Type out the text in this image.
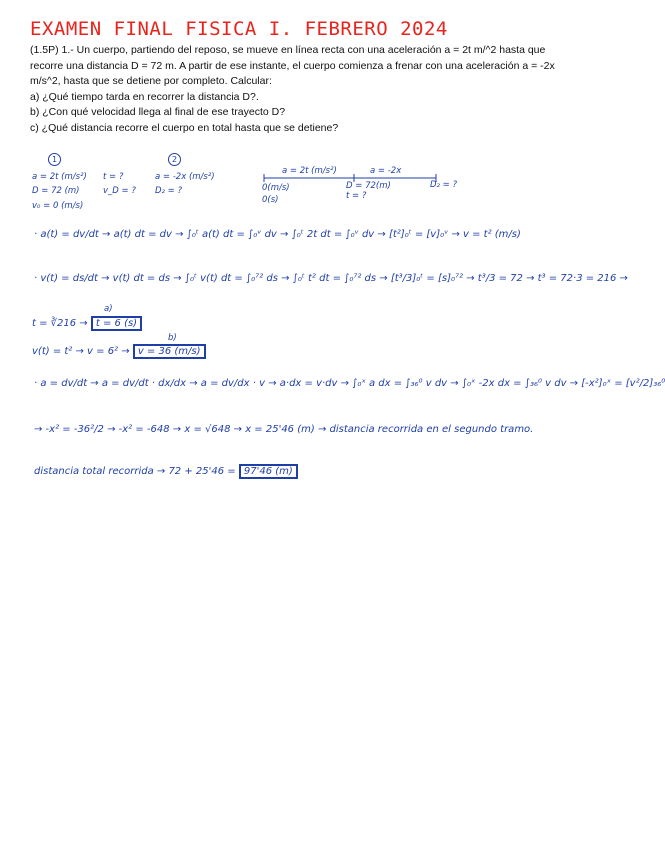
EXAMEN FINAL FISICA I. FEBRERO 2024

(1.5P) 1.- Un cuerpo, partiendo del reposo, se mueve en línea recta con una aceleración a = 2t m/^2 hasta que

recorre una distancia D = 72 m. A partir de ese instante, el cuerpo comienza a frenar con una aceleración a = -2x

m/s^2, hasta que se detiene por completo. Calcular:

a) ¿Qué tiempo tarda en recorrer la distancia D?.

b) ¿Con qué velocidad llega al final de ese trayecto D?

c) ¿Qué distancia recorre el cuerpo en total hasta que se detiene?

1	2
a = 2t (m/s²)
D = 72 (m)
v₀ = 0 (m/s)
t = ?
v_D = ?
a = -2x (m/s²)
D₂ = ?
a = 2t (m/s²)	a = -2x
0(m/s)
0(s)
D = 72(m)
t = ?
D₂ = ?
· a(t) = dv/dt → a(t) dt = dv → ∫₀ᵗ a(t) dt = ∫₀ᵛ dv → ∫₀ᵗ 2t dt = ∫₀ᵛ dv → [t²]₀ᵗ = [v]₀ᵛ → v = t² (m/s)
· v(t) = ds/dt → v(t) dt = ds → ∫₀ᵗ v(t) dt = ∫₀⁷² ds → ∫₀ᵗ t² dt = ∫₀⁷² ds → [t³/3]₀ᵗ = [s]₀⁷² → t³/3 = 72 → t³ = 72·3 = 216 →
a)
t = ∛216 → t = 6 (s)
b)
v(t) = t² → v = 6² → v = 36 (m/s)
· a = dv/dt → a = dv/dt · dx/dx → a = dv/dx · v → a·dx = v·dv → ∫₀ˣ a dx = ∫₃₆⁰ v dv → ∫₀ˣ -2x dx = ∫₃₆⁰ v dv → [-x²]₀ˣ = [v²/2]₃₆⁰
→ -x² = -36²/2 → -x² = -648 → x = √648 → x = 25'46 (m) → distancia recorrida en el segundo tramo.
distancia total recorrida → 72 + 25'46 = 97'46 (m)
